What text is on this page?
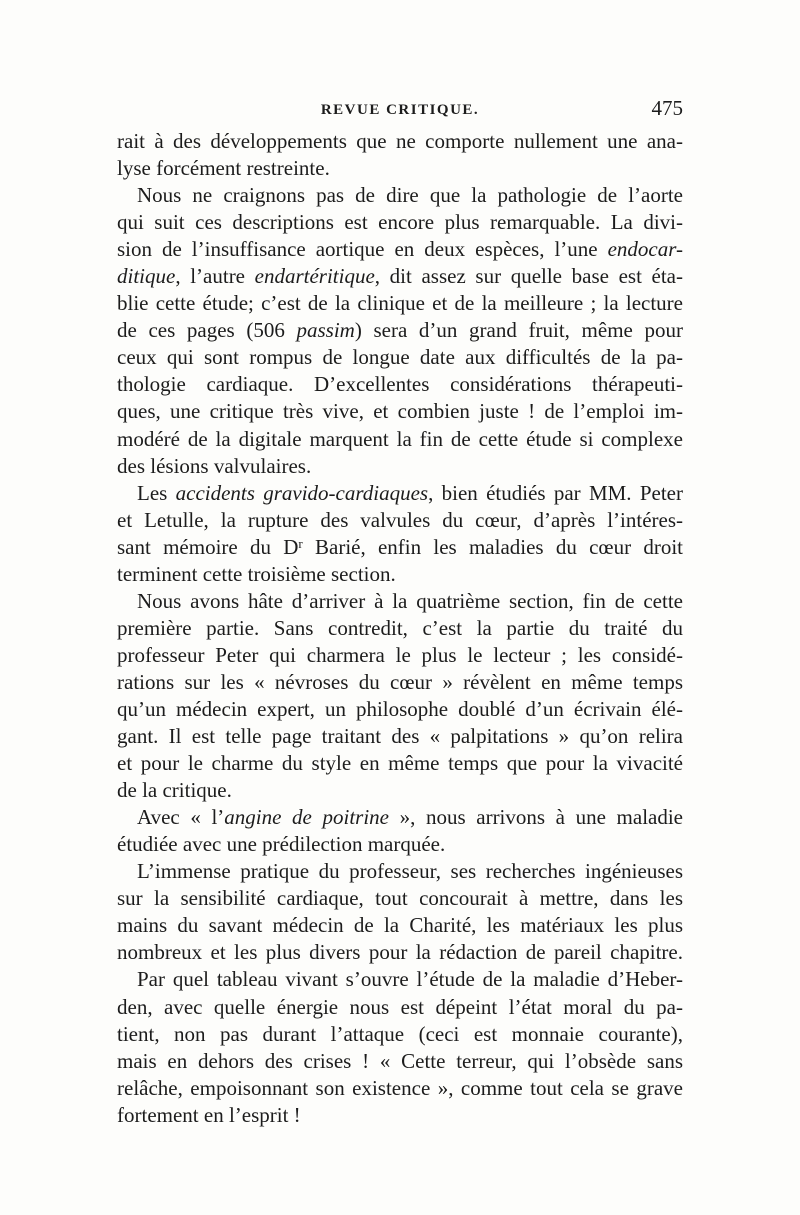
REVUE CRITIQUE.	475
rait à des développements que ne comporte nullement une ana-
lyse forcément restreinte.
Nous ne craignons pas de dire que la pathologie de l’aorte
qui suit ces descriptions est encore plus remarquable. La divi-
sion de l’insuffisance aortique en deux espèces, l’une endocar-
ditique, l’autre endartéritique, dit assez sur quelle base est éta-
blie cette étude; c’est de la clinique et de la meilleure ; la lecture
de ces pages (506 passim) sera d’un grand fruit, même pour
ceux qui sont rompus de longue date aux difficultés de la pa-
thologie cardiaque. D’excellentes considérations thérapeuti-
ques, une critique très vive, et combien juste ! de l’emploi im-
modéré de la digitale marquent la fin de cette étude si complexe
des lésions valvulaires.
Les accidents gravido-cardiaques, bien étudiés par MM. Peter
et Letulle, la rupture des valvules du cœur, d’après l’intéres-
sant mémoire du $D^r$ Barié, enfin les maladies du cœur droit
terminent cette troisième section.
Nous avons hâte d’arriver à la quatrième section, fin de cette
première partie. Sans contredit, c’est la partie du traité du
professeur Peter qui charmera le plus le lecteur ; les considé-
rations sur les « névroses du cœur » révèlent en même temps
qu’un médecin expert, un philosophe doublé d’un écrivain élé-
gant. Il est telle page traitant des « palpitations » qu’on relira
et pour le charme du style en même temps que pour la vivacité
de la critique.
Avec « l’angine de poitrine », nous arrivons à une maladie
étudiée avec une prédilection marquée.
L’immense pratique du professeur, ses recherches ingénieuses
sur la sensibilité cardiaque, tout concourait à mettre, dans les
mains du savant médecin de la Charité, les matériaux les plus
nombreux et les plus divers pour la rédaction de pareil chapitre.
Par quel tableau vivant s’ouvre l’étude de la maladie d’Heber-
den, avec quelle énergie nous est dépeint l’état moral du pa-
tient, non pas durant l’attaque (ceci est monnaie courante),
mais en dehors des crises ! « Cette terreur, qui l’obsède sans
relâche, empoisonnant son existence », comme tout cela se grave
fortement en l’esprit !
